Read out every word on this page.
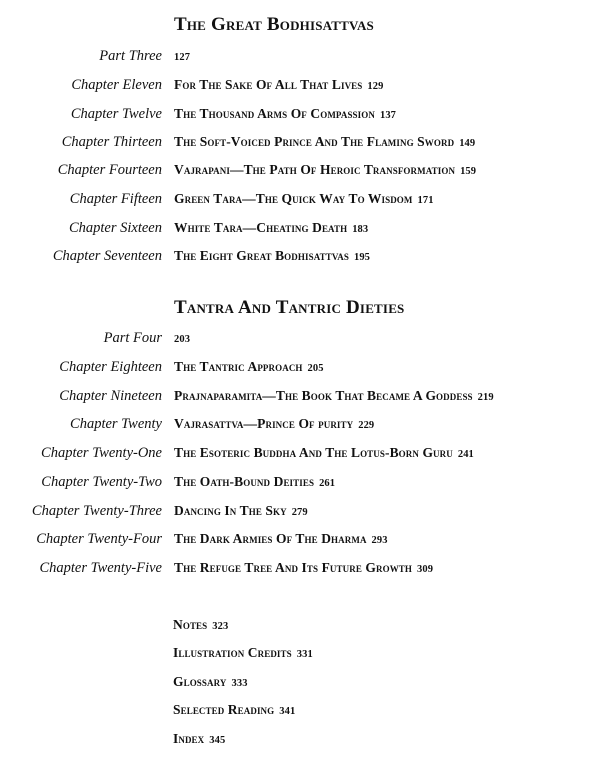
The Great Bodhisattvas
Part Three 127
Chapter Eleven For The Sake Of All That Lives 129
Chapter Twelve The Thousand Arms Of Compassion 137
Chapter Thirteen The Soft-Voiced Prince And The Flaming Sword 149
Chapter Fourteen Vajrapani—The Path Of Heroic Transformation 159
Chapter Fifteen Green Tara—The Quick Way To Wisdom 171
Chapter Sixteen White Tara—Cheating Death 183
Chapter Seventeen The Eight Great Bodhisattvas 195
Tantra And Tantric Dieties
Part Four 203
Chapter Eighteen The Tantric Approach 205
Chapter Nineteen Prajnaparamita—The Book That Became A Goddess 219
Chapter Twenty Vajrasattva—Prince Of purity 229
Chapter Twenty-One The Esoteric Buddha And The Lotus-Born Guru 241
Chapter Twenty-Two The Oath-Bound Deities 261
Chapter Twenty-Three Dancing In The Sky 279
Chapter Twenty-Four The Dark Armies Of The Dharma 293
Chapter Twenty-Five The Refuge Tree And Its Future Growth 309
Notes 323
Illustration Credits 331
Glossary 333
Selected Reading 341
Index 345
